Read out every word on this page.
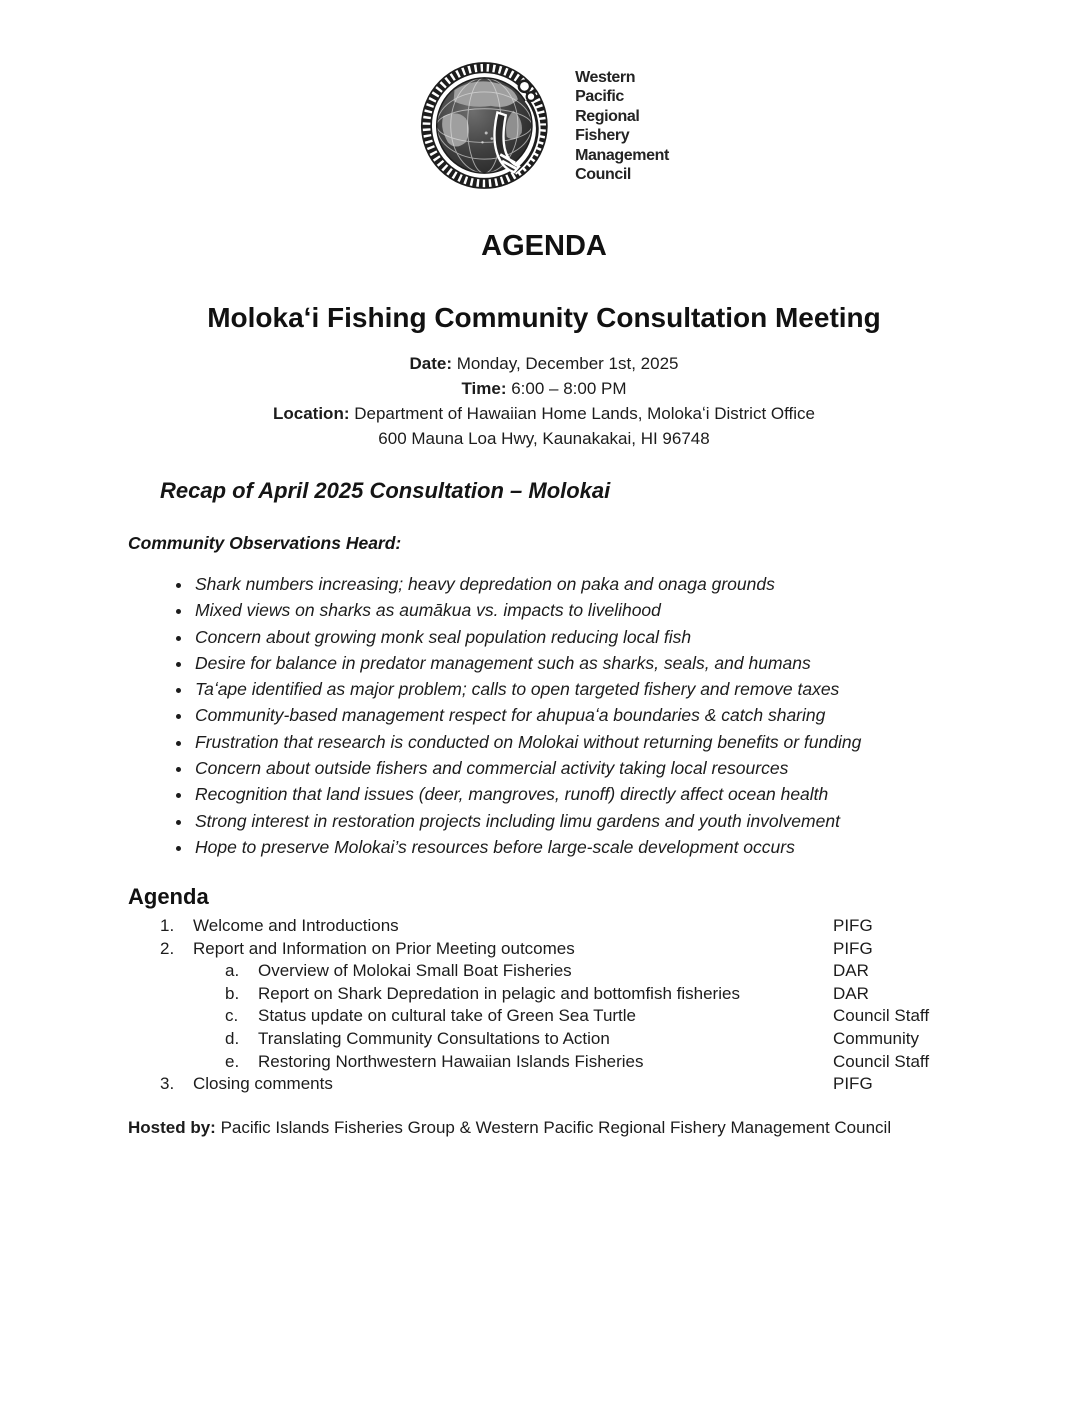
Western
Pacific
Regional
Fishery
Management
Council
AGENDA
Molokaʻi Fishing Community Consultation Meeting
Date: Monday, December 1st, 2025
Time: 6:00 – 8:00 PM
Location: Department of Hawaiian Home Lands, Molokaʻi District Office
600 Mauna Loa Hwy, Kaunakakai, HI 96748
Recap of April 2025 Consultation – Molokai
Community Observations Heard:
• Shark numbers increasing; heavy depredation on paka and onaga grounds
• Mixed views on sharks as aumākua vs. impacts to livelihood
• Concern about growing monk seal population reducing local fish
• Desire for balance in predator management such as sharks, seals, and humans
• Taʻape identified as major problem; calls to open targeted fishery and remove taxes
• Community-based management respect for ahupuaʻa boundaries & catch sharing
• Frustration that research is conducted on Molokai without returning benefits or funding
• Concern about outside fishers and commercial activity taking local resources
• Recognition that land issues (deer, mangroves, runoff) directly affect ocean health
• Strong interest in restoration projects including limu gardens and youth involvement
• Hope to preserve Molokai’s resources before large-scale development occurs
Agenda
1.	Welcome and Introductions	PIFG
2.	Report and Information on Prior Meeting outcomes	PIFG
a.	Overview of Molokai Small Boat Fisheries	DAR
b.	Report on Shark Depredation in pelagic and bottomfish fisheries	DAR
c.	Status update on cultural take of Green Sea Turtle	Council Staff
d.	Translating Community Consultations to Action	Community
e.	Restoring Northwestern Hawaiian Islands Fisheries	Council Staff
3.	Closing comments	PIFG
Hosted by: Pacific Islands Fisheries Group & Western Pacific Regional Fishery Management Council
